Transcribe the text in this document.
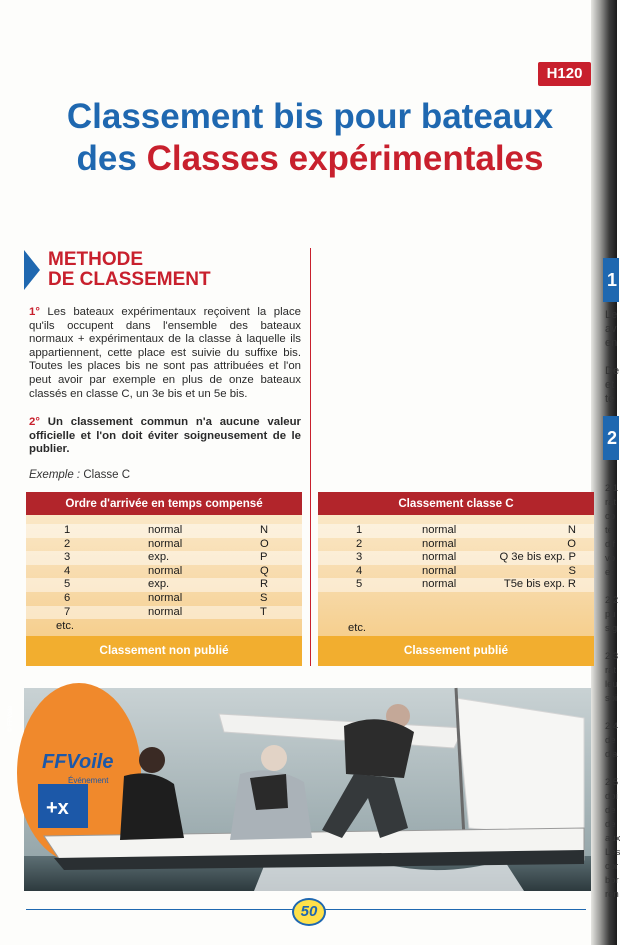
H120
Classement bis pour bateaux
des Classes expérimentales
1
Le
av
en
De
et
te
2
2.1
rat
co
te
dif
vo
et
2.2
pu
sig
2.3
rat
leu
soi
2.4
de
d'a
2.5
doi
de
dé
aux
Les
cor
bor
ren
METHODE
DE CLASSEMENT
1° Les bateaux expérimentaux reçoivent la place qu'ils occupent dans l'ensemble des bateaux normaux + expérimentaux de la classe à laquelle ils appartiennent, cette place est suivie du suffixe bis. Toutes les places bis ne sont pas attribuées et l'on peut avoir par exemple en plus de onze bateaux classés en classe C, un 3e bis et un 5e bis.
2° Un classement commun n'a aucune valeur officielle et l'on doit éviter soigneusement de le publier.
Exemple : Classe C
Ordre d'arrivée en temps compensé
1	normal	N
2	normal	O
3	exp.	P
4	normal	Q
5	exp.	R
6	normal	S
7	normal	T
etc.
Classement non publié
Classement classe C
1	normal	N
2	normal	O
3	normal	Q 3e bis exp. P
4	normal	S
5	normal	T5e bis exp. R
etc.
Classement publié
+x
FFVoile
Événement
© FFVoile
50
